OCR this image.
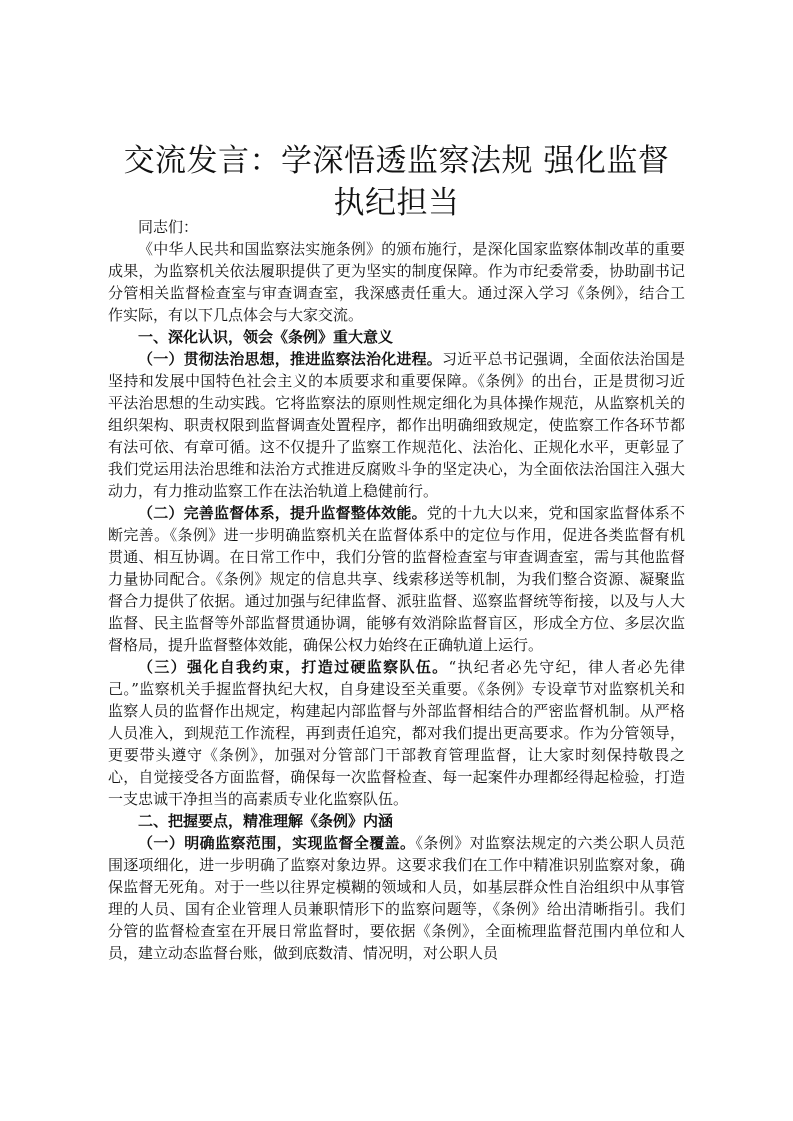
交流发言：学深悟透监察法规 强化监督执纪担当

同志们：

《中华人民共和国监察法实施条例》的颁布施行，是深化国家监察体制改革的重要成果，为监察机关依法履职提供了更为坚实的制度保障。作为市纪委常委，协助副书记分管相关监督检查室与审查调查室，我深感责任重大。通过深入学习《条例》，结合工作实际，有以下几点体会与大家交流。

一、深化认识，领会《条例》重大意义

（一）贯彻法治思想，推进监察法治化进程。习近平总书记强调，全面依法治国是坚持和发展中国特色社会主义的本质要求和重要保障。《条例》的出台，正是贯彻习近平法治思想的生动实践。它将监察法的原则性规定细化为具体操作规范，从监察机关的组织架构、职责权限到监督调查处置程序，都作出明确细致规定，使监察工作各环节都有法可依、有章可循。这不仅提升了监察工作规范化、法治化、正规化水平，更彰显了我们党运用法治思维和法治方式推进反腐败斗争的坚定决心，为全面依法治国注入强大动力，有力推动监察工作在法治轨道上稳健前行。

（二）完善监督体系，提升监督整体效能。党的十九大以来，党和国家监督体系不断完善。《条例》进一步明确监察机关在监督体系中的定位与作用，促进各类监督有机贯通、相互协调。在日常工作中，我们分管的监督检查室与审查调查室，需与其他监督力量协同配合。《条例》规定的信息共享、线索移送等机制，为我们整合资源、凝聚监督合力提供了依据。通过加强与纪律监督、派驻监督、巡察监督统等衔接，以及与人大监督、民主监督等外部监督贯通协调，能够有效消除监督盲区，形成全方位、多层次监督格局，提升监督整体效能，确保公权力始终在正确轨道上运行。

（三）强化自我约束，打造过硬监察队伍。“执纪者必先守纪，律人者必先律己。”监察机关手握监督执纪大权，自身建设至关重要。《条例》专设章节对监察机关和监察人员的监督作出规定，构建起内部监督与外部监督相结合的严密监督机制。从严格人员准入，到规范工作流程，再到责任追究，都对我们提出更高要求。作为分管领导，更要带头遵守《条例》，加强对分管部门干部教育管理监督，让大家时刻保持敬畏之心，自觉接受各方面监督，确保每一次监督检查、每一起案件办理都经得起检验，打造一支忠诚干净担当的高素质专业化监察队伍。

二、把握要点，精准理解《条例》内涵

（一）明确监察范围，实现监督全覆盖。《条例》对监察法规定的六类公职人员范围逐项细化，进一步明确了监察对象边界。这要求我们在工作中精准识别监察对象，确保监督无死角。对于一些以往界定模糊的领域和人员，如基层群众性自治组织中从事管理的人员、国有企业管理人员兼职情形下的监察问题等，《条例》给出清晰指引。我们分管的监督检查室在开展日常监督时，要依据《条例》，全面梳理监督范围内单位和人员，建立动态监督台账，做到底数清、情况明，对公职人员
